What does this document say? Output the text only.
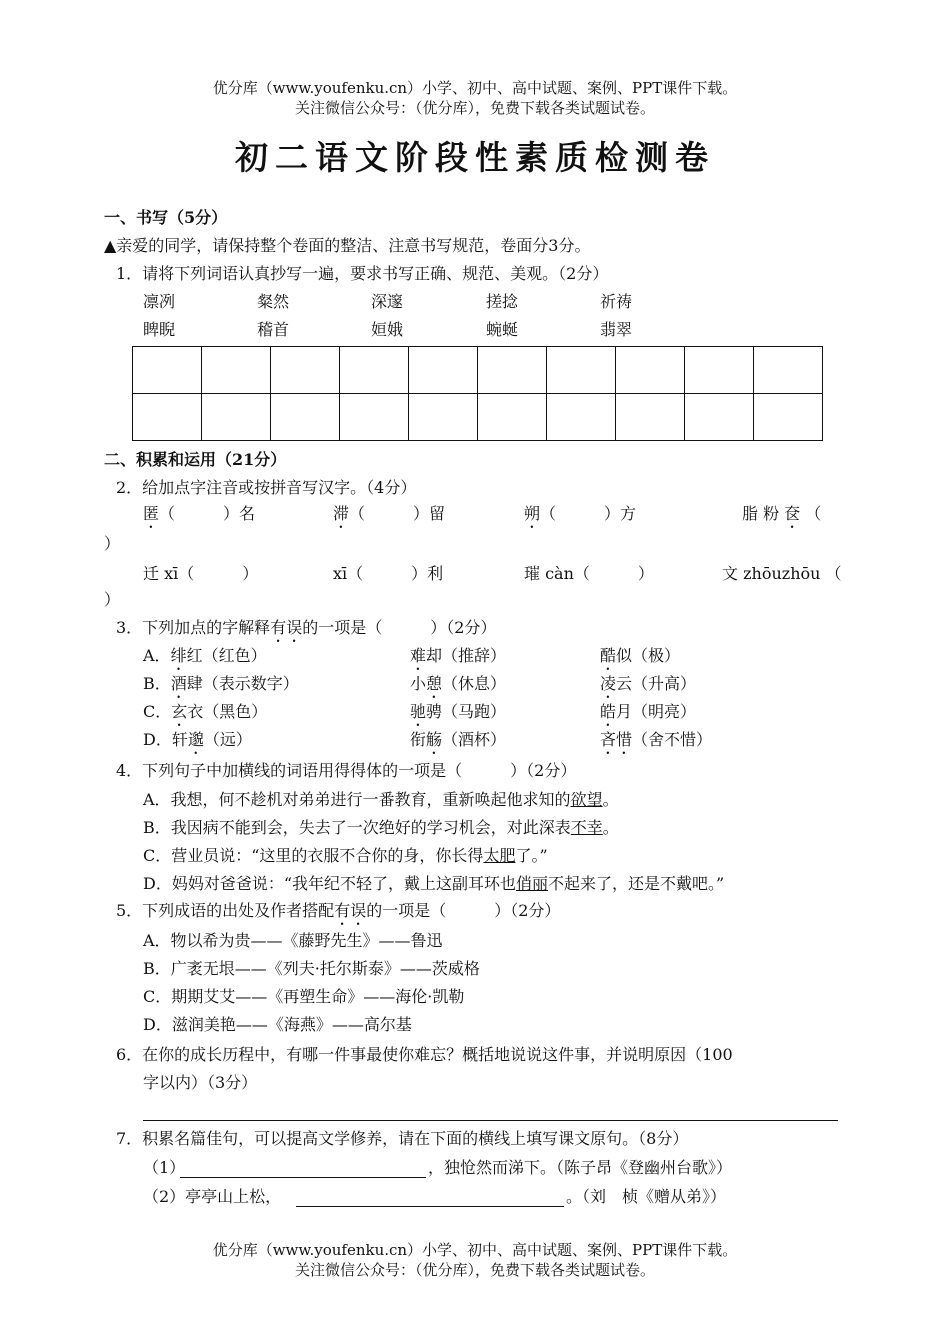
优分库（www.youfenku.cn）小学、初中、高中试题、案例、PPT课件下载。
关注微信公众号：（优分库），免费下载各类试题试卷。
初二语文阶段性素质检测卷
一、书写（5分）
▲亲爱的同学，请保持整个卷面的整洁、注意书写规范，卷面分3分。
1．请将下列词语认真抄写一遍，要求书写正确、规范、美观。（2分）
凛冽	粲然	深邃	搓捻	祈祷
睥睨	稽首	姮娥	蜿蜒	翡翠

二、积累和运用（21分）
2．给加点字注音或按拼音写汉字。（4分）
匿（　　　）名	滞（　　　）留	朔（　　　）方	脂 粉 奁 （
）
迁 xī（　　　）	xī（　　　）利	璀 càn（　　　）	文 zhōuzhōu （
）
3．下列加点的字解释有误的一项是（　　　）（2分）
A．绯红（红色）	难却（推辞）	酷似（极）
B．酒肆（表示数字）	小憩（休息）	凌云（升高）
C．玄衣（黑色）	驰骋（马跑）	皓月（明亮）
D．轩邈（远）	衔觞（酒杯）	吝惜（舍不惜）
4．下列句子中加横线的词语用得得体的一项是（　　　）（2分）
A．我想，何不趁机对弟弟进行一番教育，重新唤起他求知的欲望。
B．我因病不能到会，失去了一次绝好的学习机会，对此深表不幸。
C．营业员说：“这里的衣服不合你的身，你长得太肥了。”
D．妈妈对爸爸说：“我年纪不轻了，戴上这副耳环也俏丽不起来了，还是不戴吧。”
5．下列成语的出处及作者搭配有误的一项是（　　　）（2分）
A．物以希为贵——《藤野先生》——鲁迅
B．广袤无垠——《列夫·托尔斯泰》——茨威格
C．期期艾艾——《再塑生命》——海伦·凯勒
D．滋润美艳——《海燕》——高尔基
6．在你的成长历程中，有哪一件事最使你难忘？概括地说说这件事，并说明原因（100
字以内）（3分）
7．积累名篇佳句，可以提高文学修养，请在下面的横线上填写课文原句。（8分）
（1）	，独怆然而涕下。（陈子昂《登幽州台歌》）
（2）亭亭山上松，	。（刘　桢《赠从弟》）
优分库（www.youfenku.cn）小学、初中、高中试题、案例、PPT课件下载。
关注微信公众号：（优分库），免费下载各类试题试卷。
